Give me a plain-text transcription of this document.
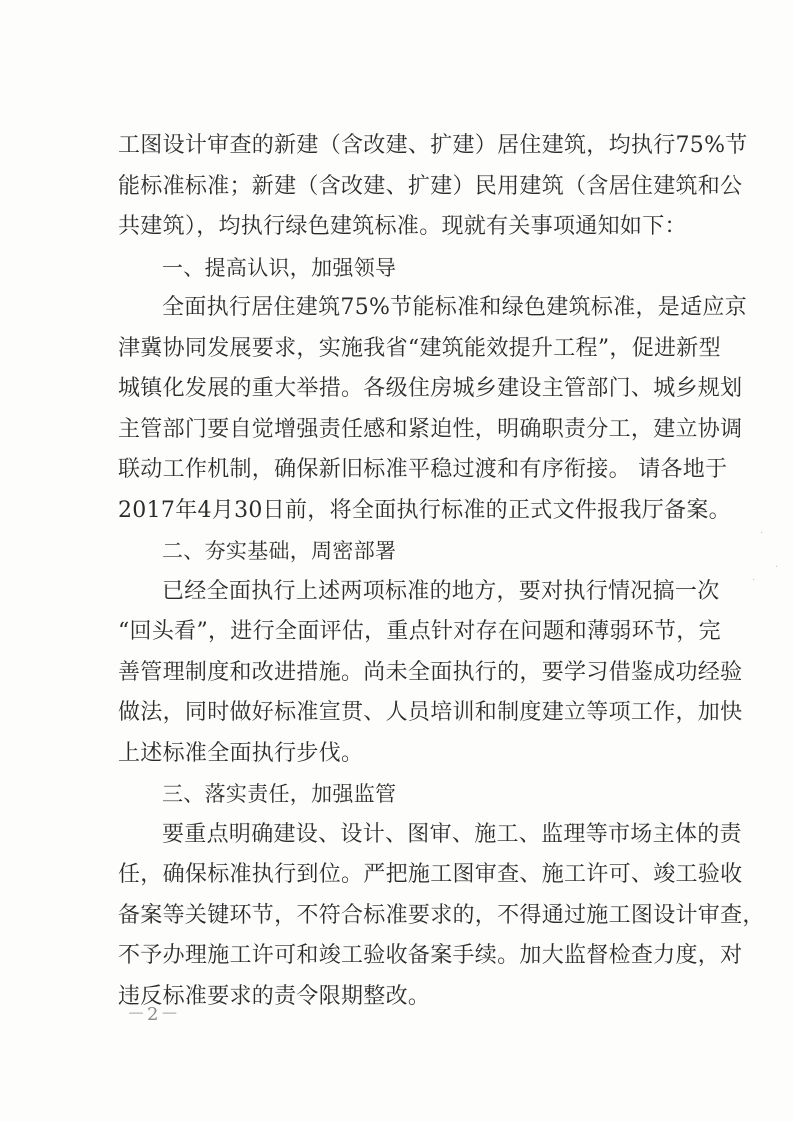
工图设计审查的新建（含改建、扩建）居住建筑，均执行75%节
能标准标准；新建（含改建、扩建）民用建筑（含居住建筑和公
共建筑），均执行绿色建筑标准。现就有关事项通知如下：
一、提高认识，加强领导
全面执行居住建筑75%节能标准和绿色建筑标准，是适应京
津冀协同发展要求，实施我省“建筑能效提升工程”，促进新型
城镇化发展的重大举措。各级住房城乡建设主管部门、城乡规划
主管部门要自觉增强责任感和紧迫性，明确职责分工，建立协调
联动工作机制，确保新旧标准平稳过渡和有序衔接。 请各地于
2017年4月30日前，将全面执行标准的正式文件报我厅备案。
二、夯实基础，周密部署
已经全面执行上述两项标准的地方，要对执行情况搞一次
“回头看”，进行全面评估，重点针对存在问题和薄弱环节，完
善管理制度和改进措施。尚未全面执行的，要学习借鉴成功经验
做法，同时做好标准宣贯、人员培训和制度建立等项工作，加快
上述标准全面执行步伐。
三、落实责任，加强监管
要重点明确建设、设计、图审、施工、监理等市场主体的责
任，确保标准执行到位。严把施工图审查、施工许可、竣工验收
备案等关键环节，不符合标准要求的，不得通过施工图设计审查，
不予办理施工许可和竣工验收备案手续。加大监督检查力度，对
违反标准要求的责令限期整改。
－2－
·
·
·
